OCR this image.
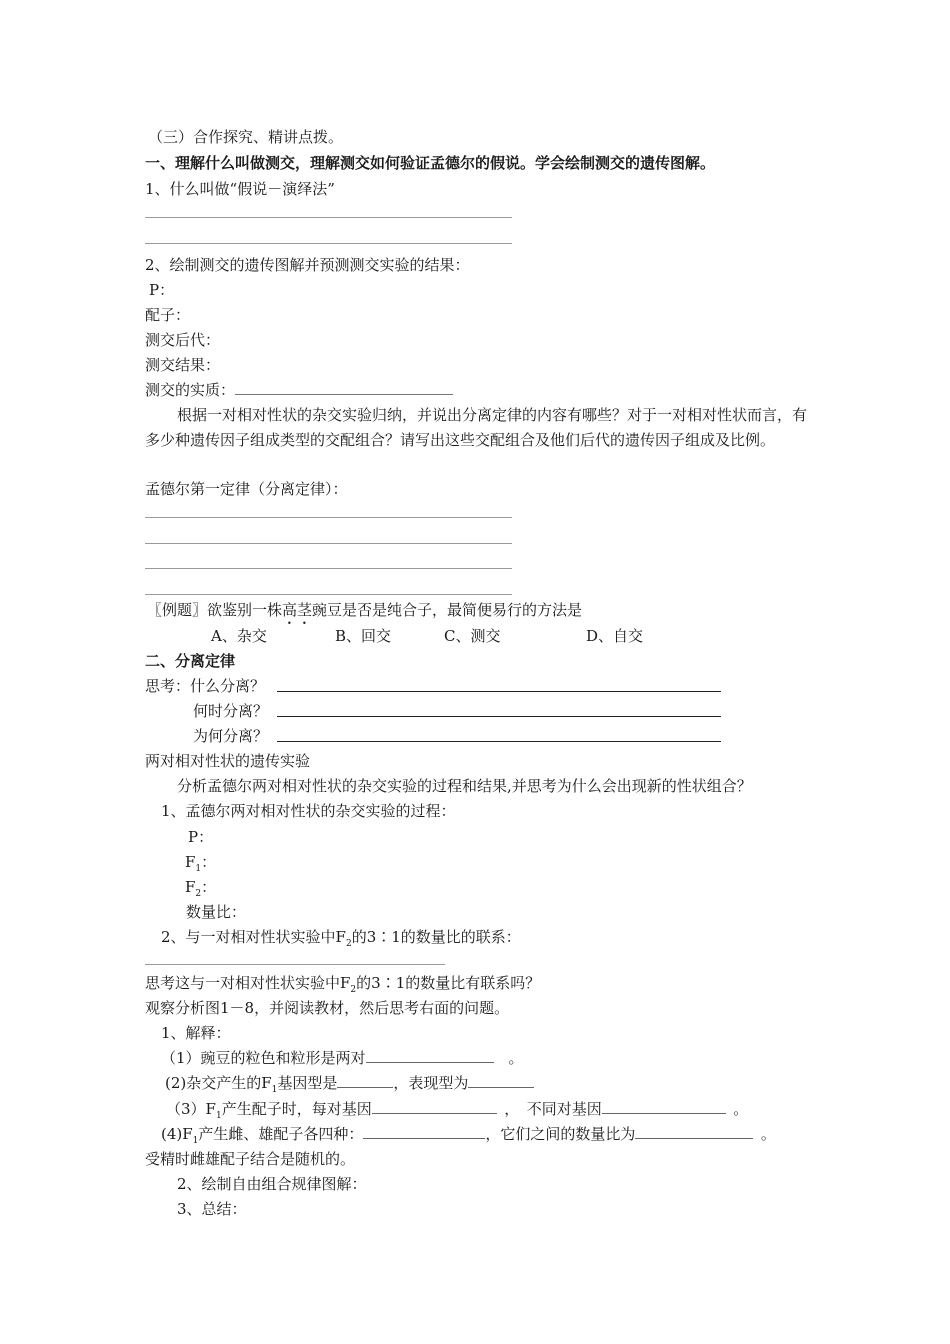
（三）合作探究、精讲点拨。
一、理解什么叫做测交，理解测交如何验证孟德尔的假说。学会绘制测交的遗传图解。
1、什么叫做“假说－演绎法”
2、绘制测交的遗传图解并预测测交实验的结果：
P：
配子：
测交后代：
测交结果：
测交的实质：
根据一对相对性状的杂交实验归纳，并说出分离定律的内容有哪些？对于一对相对性状而言，有多少种遗传因子组成类型的交配组合？请写出这些交配组合及他们后代的遗传因子组成及比例。
孟德尔第一定律（分离定律）：
〖例题〗欲鉴别一株高茎豌豆是否是纯合子，最简便易行的方法是
A、杂交	B、回交	C、测交	D、自交
二、分离定律
思考：什么分离？
何时分离？
为何分离？
两对相对性状的遗传实验
分析孟德尔两对相对性状的杂交实验的过程和结果,并思考为什么会出现新的性状组合？
1、孟德尔两对相对性状的杂交实验的过程：
P：
$F_1$：
$F_2$：
数量比：
2、与一对相对性状实验中$F_2$的3∶1的数量比的联系：
思考这与一对相对性状实验中$F_2$的3∶1的数量比有联系吗？
观察分析图1－8，并阅读教材，然后思考右面的问题。
1、解释：
（1）豌豆的粒色和粒形是两对 	。
(2)杂交产生的$F_1$基因型是	，表现型为
$(3)F_1$产生配子时，每对基因 	，　不同对基因 	。
$(4)F_1$产生雌、雄配子各四种：	，它们之间的数量比为 	。
受精时雌雄配子结合是随机的。
2、绘制自由组合规律图解：
3、总结：
